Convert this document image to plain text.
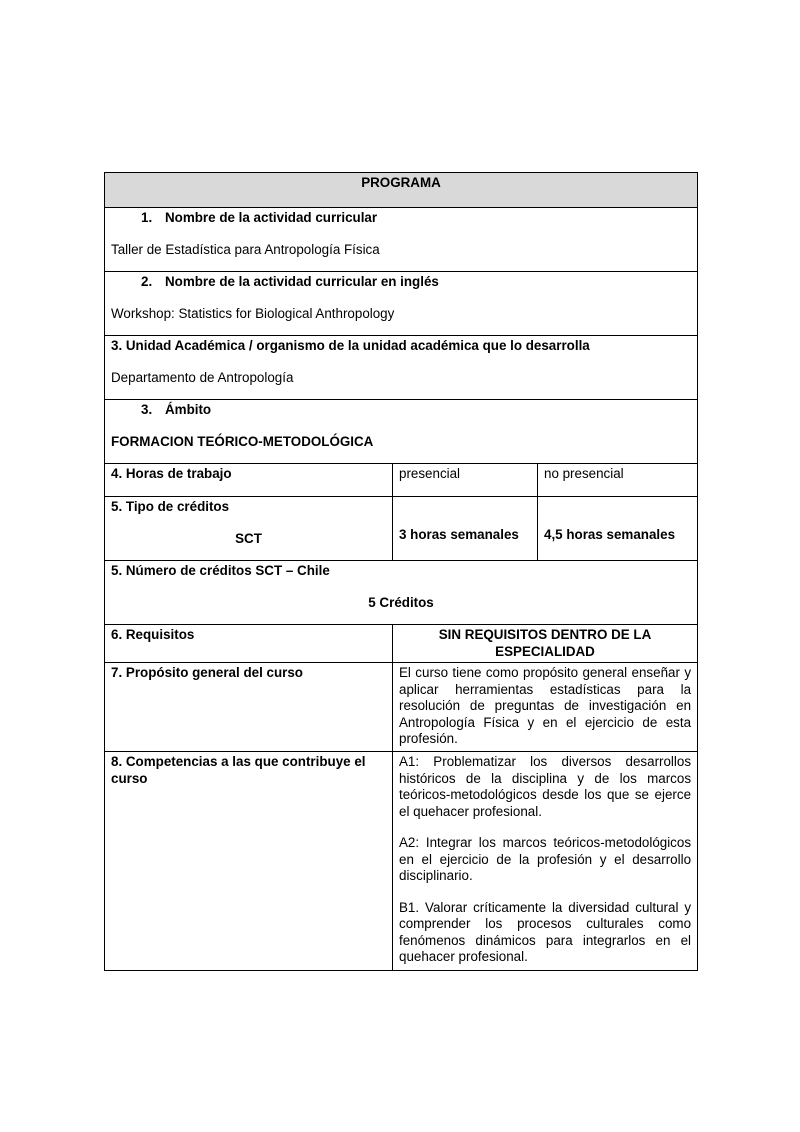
PROGRAMA		

1. Nombre de la actividad curricular

Taller de Estadística para Antropología Física		

2. Nombre de la actividad curricular en inglés

Workshop: Statistics for Biological Anthropology		

3. Unidad Académica / organismo de la unidad académica que lo desarrolla

Departamento de Antropología		

3. Ámbito

FORMACION TEÓRICO-METODOLÓGICA		

4. Horas de trabajo	presencial	no presencial

5. Tipo de créditos

SCT	3 horas semanales	4,5 horas semanales

5. Número de créditos SCT – Chile

5 Créditos		

6. Requisitos	SIN REQUISITOS DENTRO DE LA ESPECIALIDAD	
7. Propósito general del curso	El curso tiene como propósito general enseñar y aplicar herramientas estadísticas para la resolución de preguntas de investigación en Antropología Física y en el ejercicio de esta profesión.	
8. Competencias a las que contribuye el curso	A1: Problematizar los diversos desarrollos históricos de la disciplina y de los marcos teóricos-metodológicos desde los que se ejerce el quehacer profesional.

A2: Integrar los marcos teóricos-metodológicos en el ejercicio de la profesión y el desarrollo disciplinario.

B1. Valorar críticamente la diversidad cultural y comprender los procesos culturales como fenómenos dinámicos para integrarlos en el quehacer profesional.	
